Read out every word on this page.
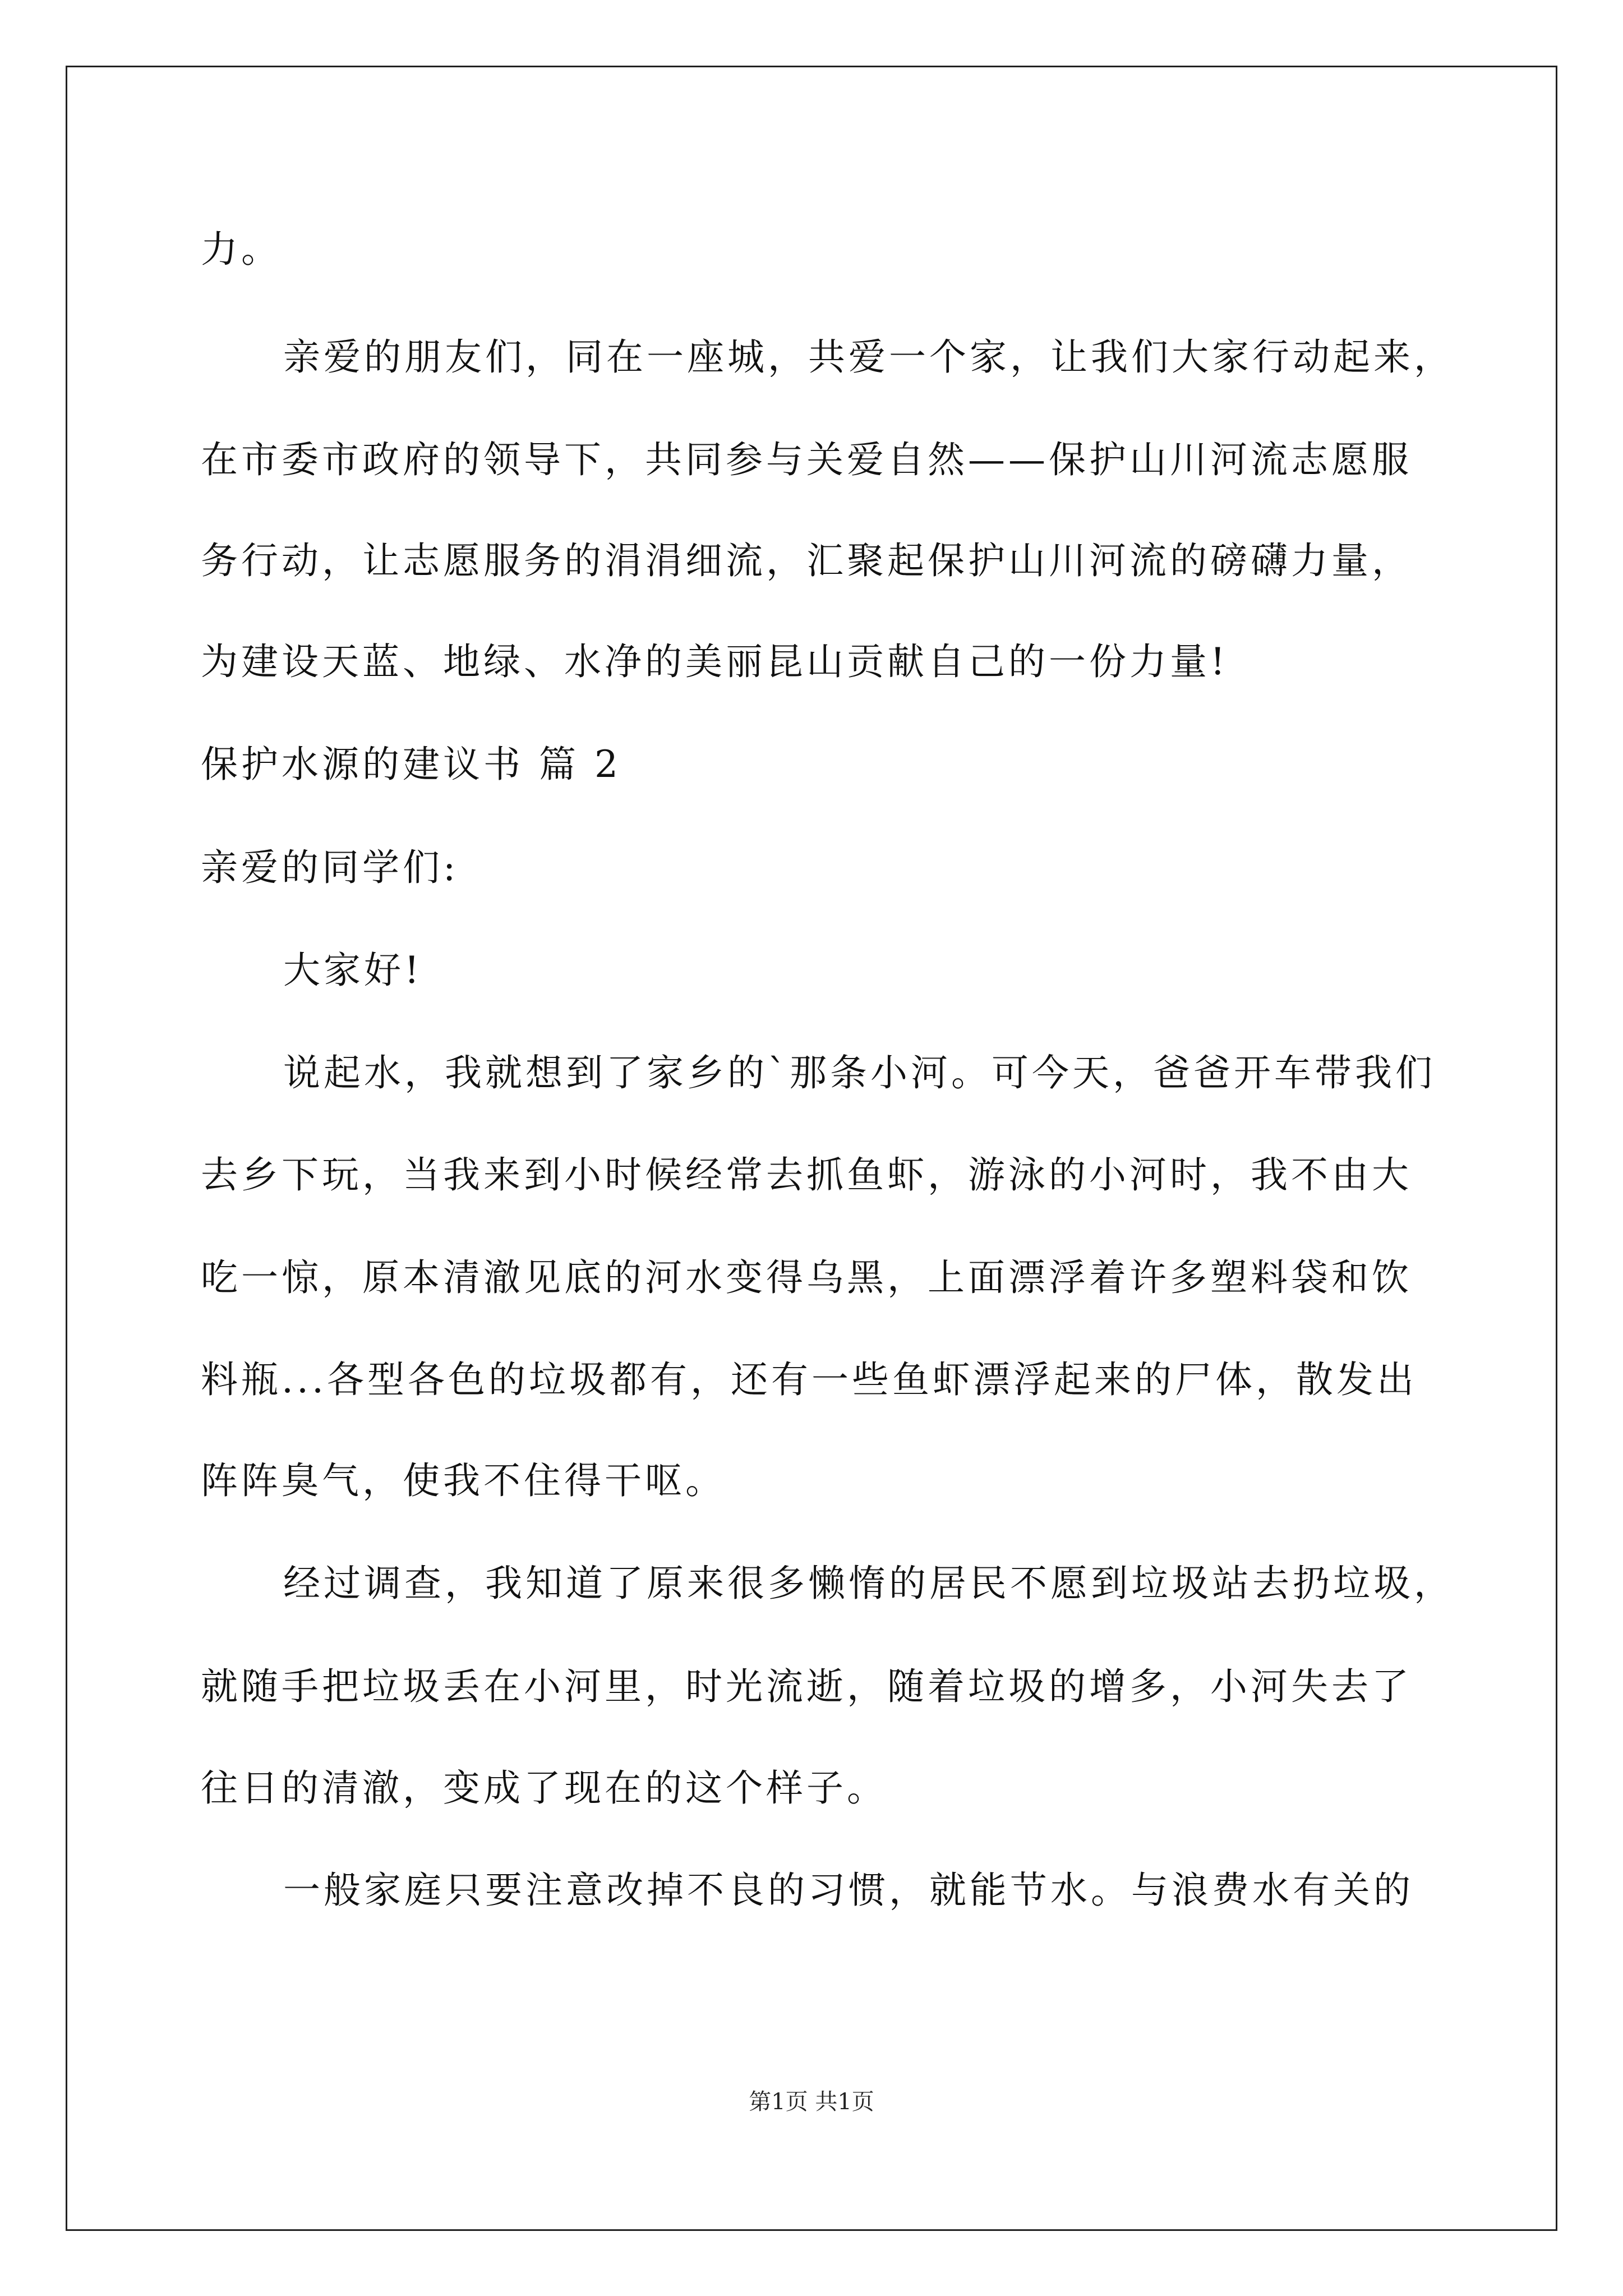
力。
亲爱的朋友们，同在一座城，共爱一个家，让我们大家行动起来，
在市委市政府的领导下，共同参与关爱自然——保护山川河流志愿服
务行动，让志愿服务的涓涓细流，汇聚起保护山川河流的磅礴力量，
为建设天蓝、地绿、水净的美丽昆山贡献自己的一份力量!
保护水源的建议书 篇 2
亲爱的同学们:
大家好!
说起水，我就想到了家乡的`那条小河。可今天，爸爸开车带我们
去乡下玩，当我来到小时候经常去抓鱼虾，游泳的小河时，我不由大
吃一惊，原本清澈见底的河水变得乌黑，上面漂浮着许多塑料袋和饮
料瓶...各型各色的垃圾都有，还有一些鱼虾漂浮起来的尸体，散发出
阵阵臭气，使我不住得干呕。
经过调查，我知道了原来很多懒惰的居民不愿到垃圾站去扔垃圾，
就随手把垃圾丢在小河里，时光流逝，随着垃圾的增多，小河失去了
往日的清澈，变成了现在的这个样子。
一般家庭只要注意改掉不良的习惯，就能节水。与浪费水有关的
第1页 共1页
